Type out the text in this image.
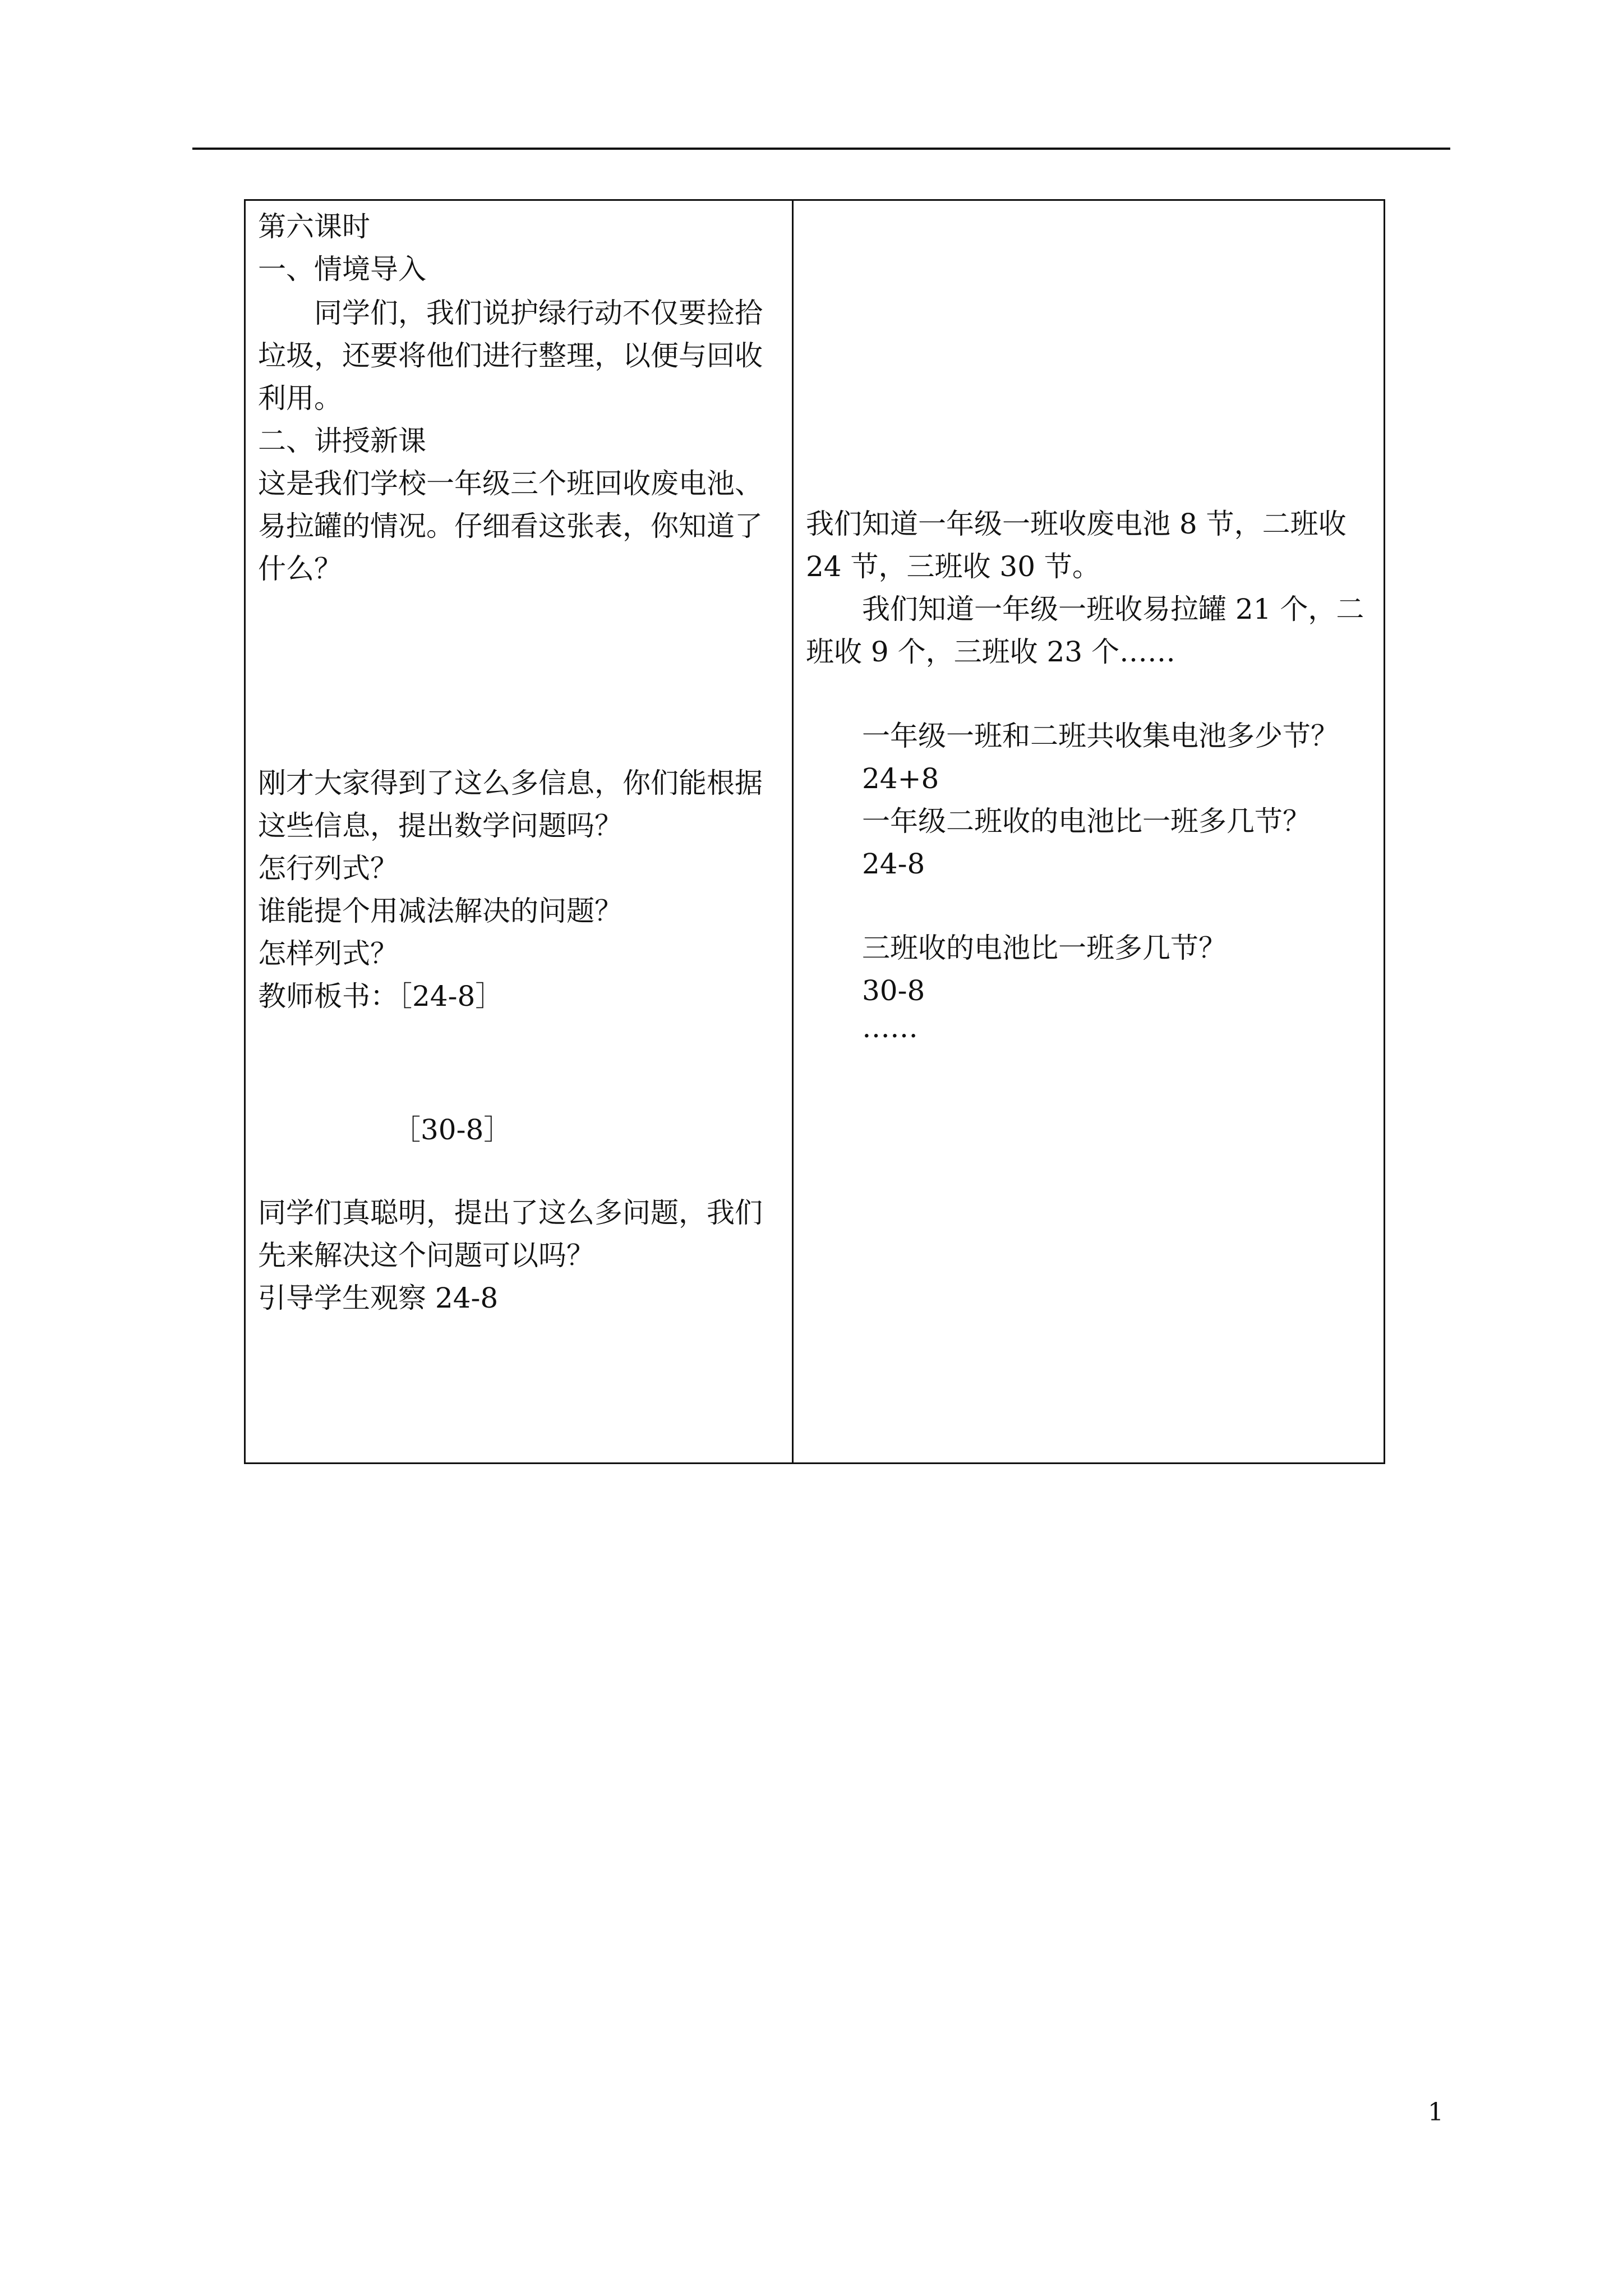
第六课时
一、情境导入
同学们，我们说护绿行动不仅要捡拾
垃圾，还要将他们进行整理，以便与回收
利用。
二、讲授新课
这是我们学校一年级三个班回收废电池、
易拉罐的情况。仔细看这张表，你知道了
什么？
刚才大家得到了这么多信息，你们能根据
这些信息，提出数学问题吗？
怎行列式？
谁能提个用减法解决的问题？
怎样列式？
教师板书：［24-8］
［30-8］
同学们真聪明，提出了这么多问题，我们
先来解决这个问题可以吗？
引导学生观察 24-8
我们知道一年级一班收废电池 8 节，二班收
24 节，三班收 30 节。
我们知道一年级一班收易拉罐 21 个，二
班收 9 个，三班收 23 个……
一年级一班和二班共收集电池多少节？
24+8
一年级二班收的电池比一班多几节？
24-8
三班收的电池比一班多几节？
30-8
……
1
